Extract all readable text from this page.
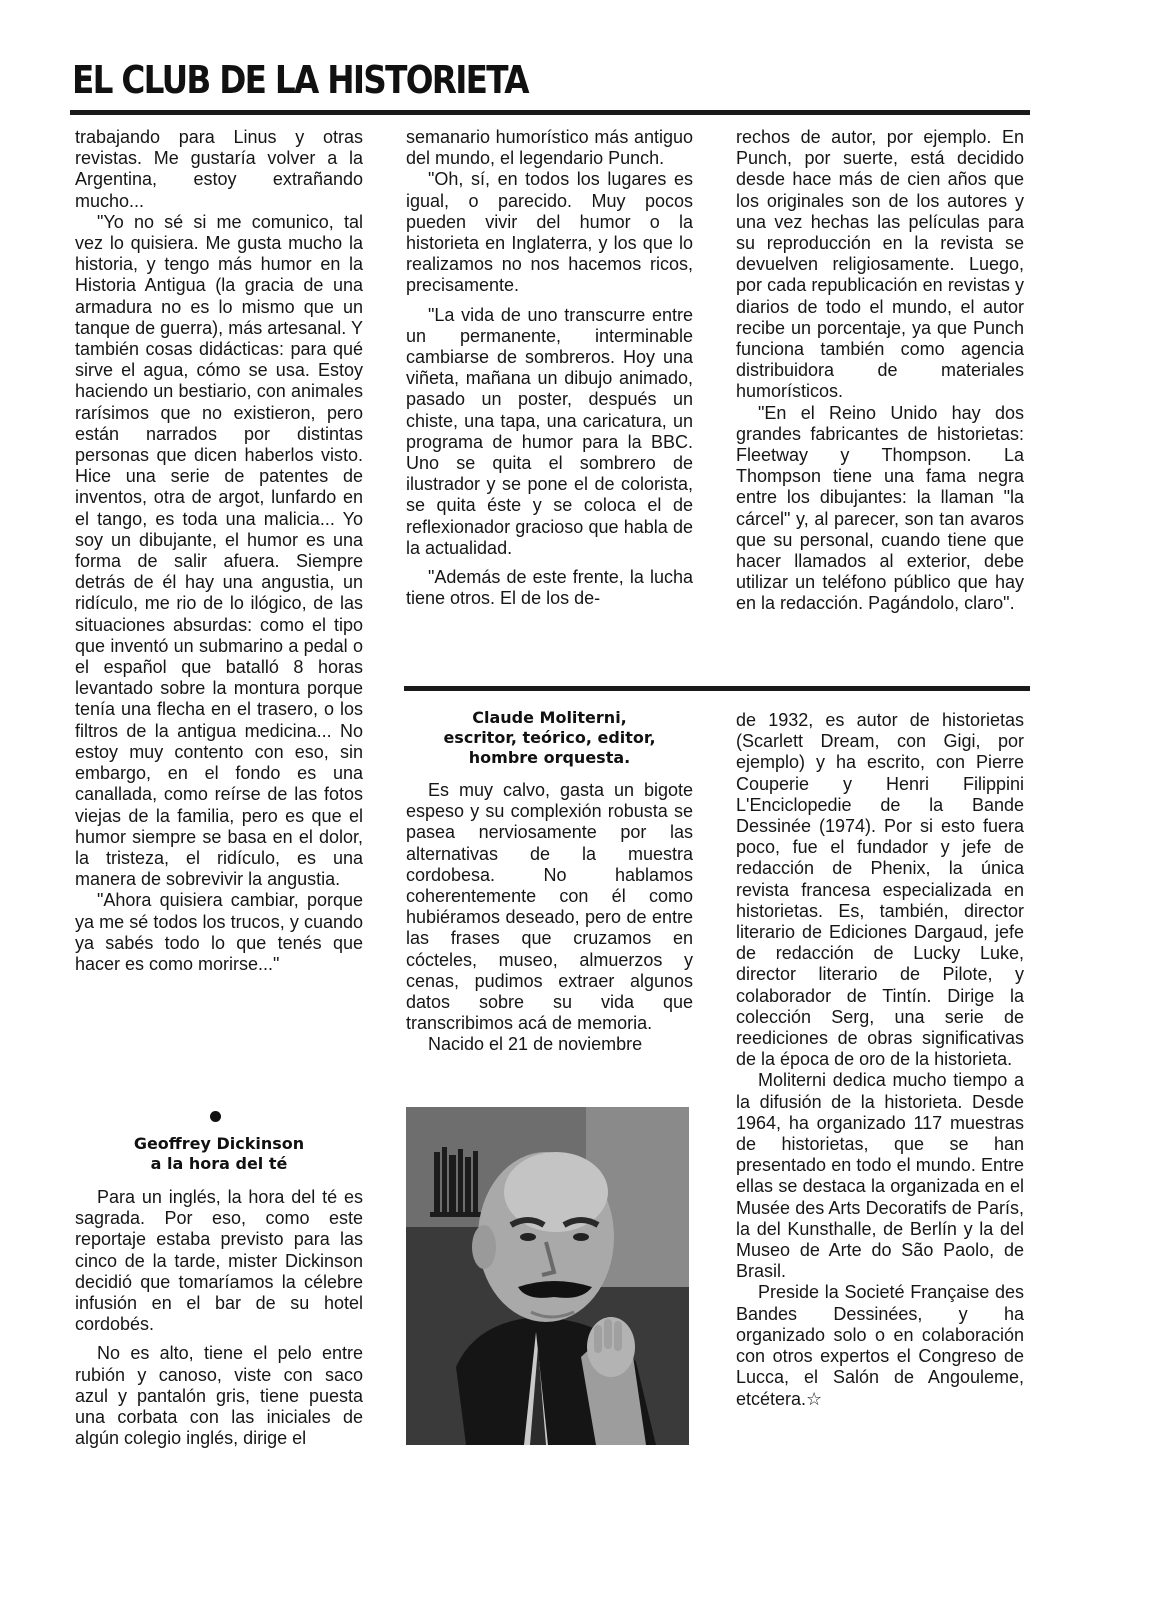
EL CLUB DE LA HISTORIETA

trabajando para Linus y otras revistas. Me gustaría volver a la Argentina, estoy extrañando mucho...

"Yo no sé si me comunico, tal vez lo quisiera. Me gusta mucho la historia, y tengo más humor en la Historia Antigua (la gracia de una armadura no es lo mismo que un tanque de guerra), más artesanal. Y también cosas didácticas: para qué sirve el agua, cómo se usa. Estoy haciendo un bestiario, con animales rarísimos que no existieron, pero están narrados por distintas personas que dicen haberlos visto. Hice una serie de patentes de inventos, otra de argot, lunfardo en el tango, es toda una malicia... Yo soy un dibujante, el humor es una forma de salir afuera. Siempre detrás de él hay una angustia, un ridículo, me rio de lo ilógico, de las situaciones absurdas: como el tipo que inventó un submarino a pedal o el español que batalló 8 horas levantado sobre la montura porque tenía una flecha en el trasero, o los filtros de la antigua medicina... No estoy muy contento con eso, sin embargo, en el fondo es una canallada, como reírse de las fotos viejas de la familia, pero es que el humor siempre se basa en el dolor, la tristeza, el ridículo, es una manera de sobrevivir la angustia.

"Ahora quisiera cambiar, porque ya me sé todos los trucos, y cuando ya sabés todo lo que tenés que hacer es como morirse..."

Geoffrey Dickinson
a la hora del té

Para un inglés, la hora del té es sagrada. Por eso, como este reportaje estaba previsto para las cinco de la tarde, mister Dickinson decidió que tomaríamos la célebre infusión en el bar de su hotel cordobés.

No es alto, tiene el pelo entre rubión y canoso, viste con saco azul y pantalón gris, tiene puesta una corbata con las iniciales de algún colegio inglés, dirige el

semanario humorístico más antiguo del mundo, el legendario Punch.

"Oh, sí, en todos los lugares es igual, o parecido. Muy pocos pueden vivir del humor o la historieta en Inglaterra, y los que lo realizamos no nos hacemos ricos, precisamente.

"La vida de uno transcurre entre un permanente, interminable cambiarse de sombreros. Hoy una viñeta, mañana un dibujo animado, pasado un poster, después un chiste, una tapa, una caricatura, un programa de humor para la BBC. Uno se quita el sombrero de ilustrador y se pone el de colorista, se quita éste y se coloca el de reflexionador gracioso que habla de la actualidad.

"Además de este frente, la lucha tiene otros. El de los de-

rechos de autor, por ejemplo. En Punch, por suerte, está decidido desde hace más de cien años que los originales son de los autores y una vez hechas las películas para su reproducción en la revista se devuelven religiosamente. Luego, por cada republicación en revistas y diarios de todo el mundo, el autor recibe un porcentaje, ya que Punch funciona también como agencia distribuidora de materiales humorísticos.

"En el Reino Unido hay dos grandes fabricantes de historietas: Fleetway y Thompson. La Thompson tiene una fama negra entre los dibujantes: la llaman "la cárcel" y, al parecer, son tan avaros que su personal, cuando tiene que hacer llamados al exterior, debe utilizar un teléfono público que hay en la redacción. Pagándolo, claro".

Claude Moliterni,
escritor, teórico, editor,
hombre orquesta.

Es muy calvo, gasta un bigote espeso y su complexión robusta se pasea nerviosamente por las alternativas de la muestra cordobesa. No hablamos coherentemente con él como hubiéramos deseado, pero de entre las frases que cruzamos en cócteles, museo, almuerzos y cenas, pudimos extraer algunos datos sobre su vida que transcribimos acá de memoria.

Nacido el 21 de noviembre

de 1932, es autor de historietas (Scarlett Dream, con Gigi, por ejemplo) y ha escrito, con Pierre Couperie y Henri Filippini L'Enciclopedie de la Bande Dessinée (1974). Por si esto fuera poco, fue el fundador y jefe de redacción de Phenix, la única revista francesa especializada en historietas. Es, también, director literario de Ediciones Dargaud, jefe de redacción de Lucky Luke, director literario de Pilote, y colaborador de Tintín. Dirige la colección Serg, una serie de reediciones de obras significativas de la época de oro de la historieta.

Moliterni dedica mucho tiempo a la difusión de la historieta. Desde 1964, ha organizado 117 muestras de historietas, que se han presentado en todo el mundo. Entre ellas se destaca la organizada en el Musée des Arts Decoratifs de París, la del Kunsthalle, de Berlín y la del Museo de Arte do São Paolo, de Brasil.

Preside la Societé Française des Bandes Dessinées, y ha organizado solo o en colaboración con otros expertos el Congreso de Lucca, el Salón de Angouleme, etcétera.☆
